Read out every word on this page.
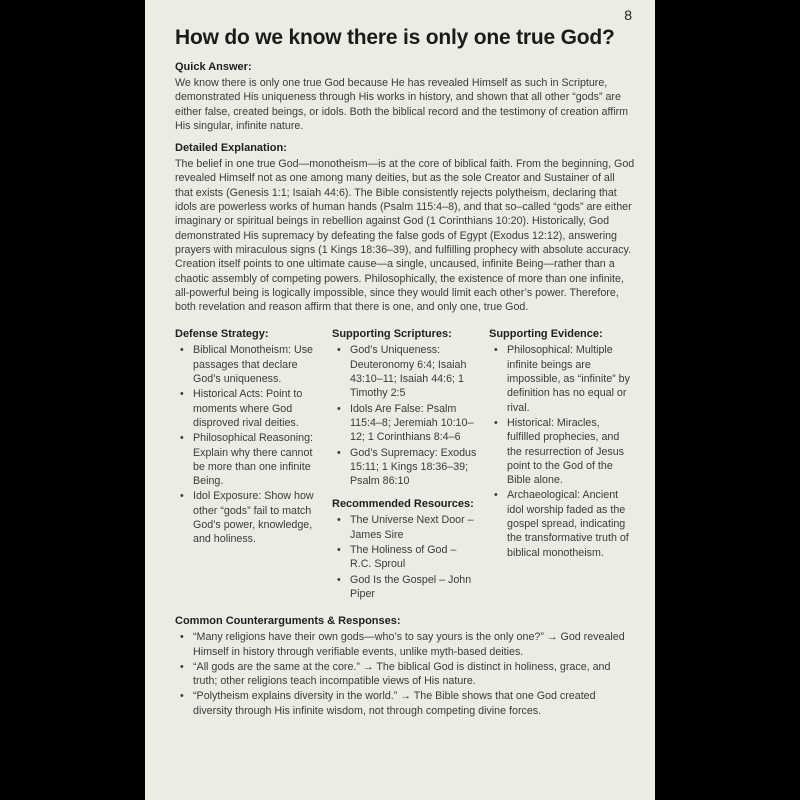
8
How do we know there is only one true God?
Quick Answer:

We know there is only one true God because He has revealed Himself as such in Scripture, demonstrated His uniqueness through His works in history, and shown that all other “gods” are either false, created beings, or idols. Both the biblical record and the testimony of creation affirm His singular, infinite nature.

Detailed Explanation:

The belief in one true God—monotheism—is at the core of biblical faith. From the beginning, God revealed Himself not as one among many deities, but as the sole Creator and Sustainer of all that exists (Genesis 1:1; Isaiah 44:6). The Bible consistently rejects polytheism, declaring that idols are powerless works of human hands (Psalm 115:4–8), and that so–called “gods” are either imaginary or spiritual beings in rebellion against God (1 Corinthians 10:20). Historically, God demonstrated His supremacy by defeating the false gods of Egypt (Exodus 12:12), answering prayers with miraculous signs (1 Kings 18:36–39), and fulfilling prophecy with absolute accuracy. Creation itself points to one ultimate cause—a single, uncaused, infinite Being—rather than a chaotic assembly of competing powers. Philosophically, the existence of more than one infinite, all-powerful being is logically impossible, since they would limit each other’s power. Therefore, both revelation and reason affirm that there is one, and only one, true God.

Defense Strategy:
• Biblical Monotheism: Use passages that declare God’s uniqueness.
• Historical Acts: Point to moments where God disproved rival deities.
• Philosophical Reasoning: Explain why there cannot be more than one infinite Being.
• Idol Exposure: Show how other “gods” fail to match God’s power, knowledge, and holiness.
Supporting Scriptures:
• God’s Uniqueness: Deuteronomy 6:4; Isaiah 43:10–11; Isaiah 44:6; 1 Timothy 2:5
• Idols Are False: Psalm 115:4–8; Jeremiah 10:10–12; 1 Corinthians 8:4–6
• God’s Supremacy: Exodus 15:11; 1 Kings 18:36–39; Psalm 86:10
Recommended Resources:
• The Universe Next Door – James Sire
• The Holiness of God – R.C. Sproul
• God Is the Gospel – John Piper
Supporting Evidence:
• Philosophical: Multiple infinite beings are impossible, as “infinite” by definition has no equal or rival.
• Historical: Miracles, fulfilled prophecies, and the resurrection of Jesus point to the God of the Bible alone.
• Archaeological: Ancient idol worship faded as the gospel spread, indicating the transformative truth of biblical monotheism.
Common Counterarguments & Responses:
• “Many religions have their own gods—who’s to say yours is the only one?” → God revealed Himself in history through verifiable events, unlike myth-based deities.
• “All gods are the same at the core.” → The biblical God is distinct in holiness, grace, and truth; other religions teach incompatible views of His nature.
• “Polytheism explains diversity in the world.” → The Bible shows that one God created diversity through His infinite wisdom, not through competing divine forces.
